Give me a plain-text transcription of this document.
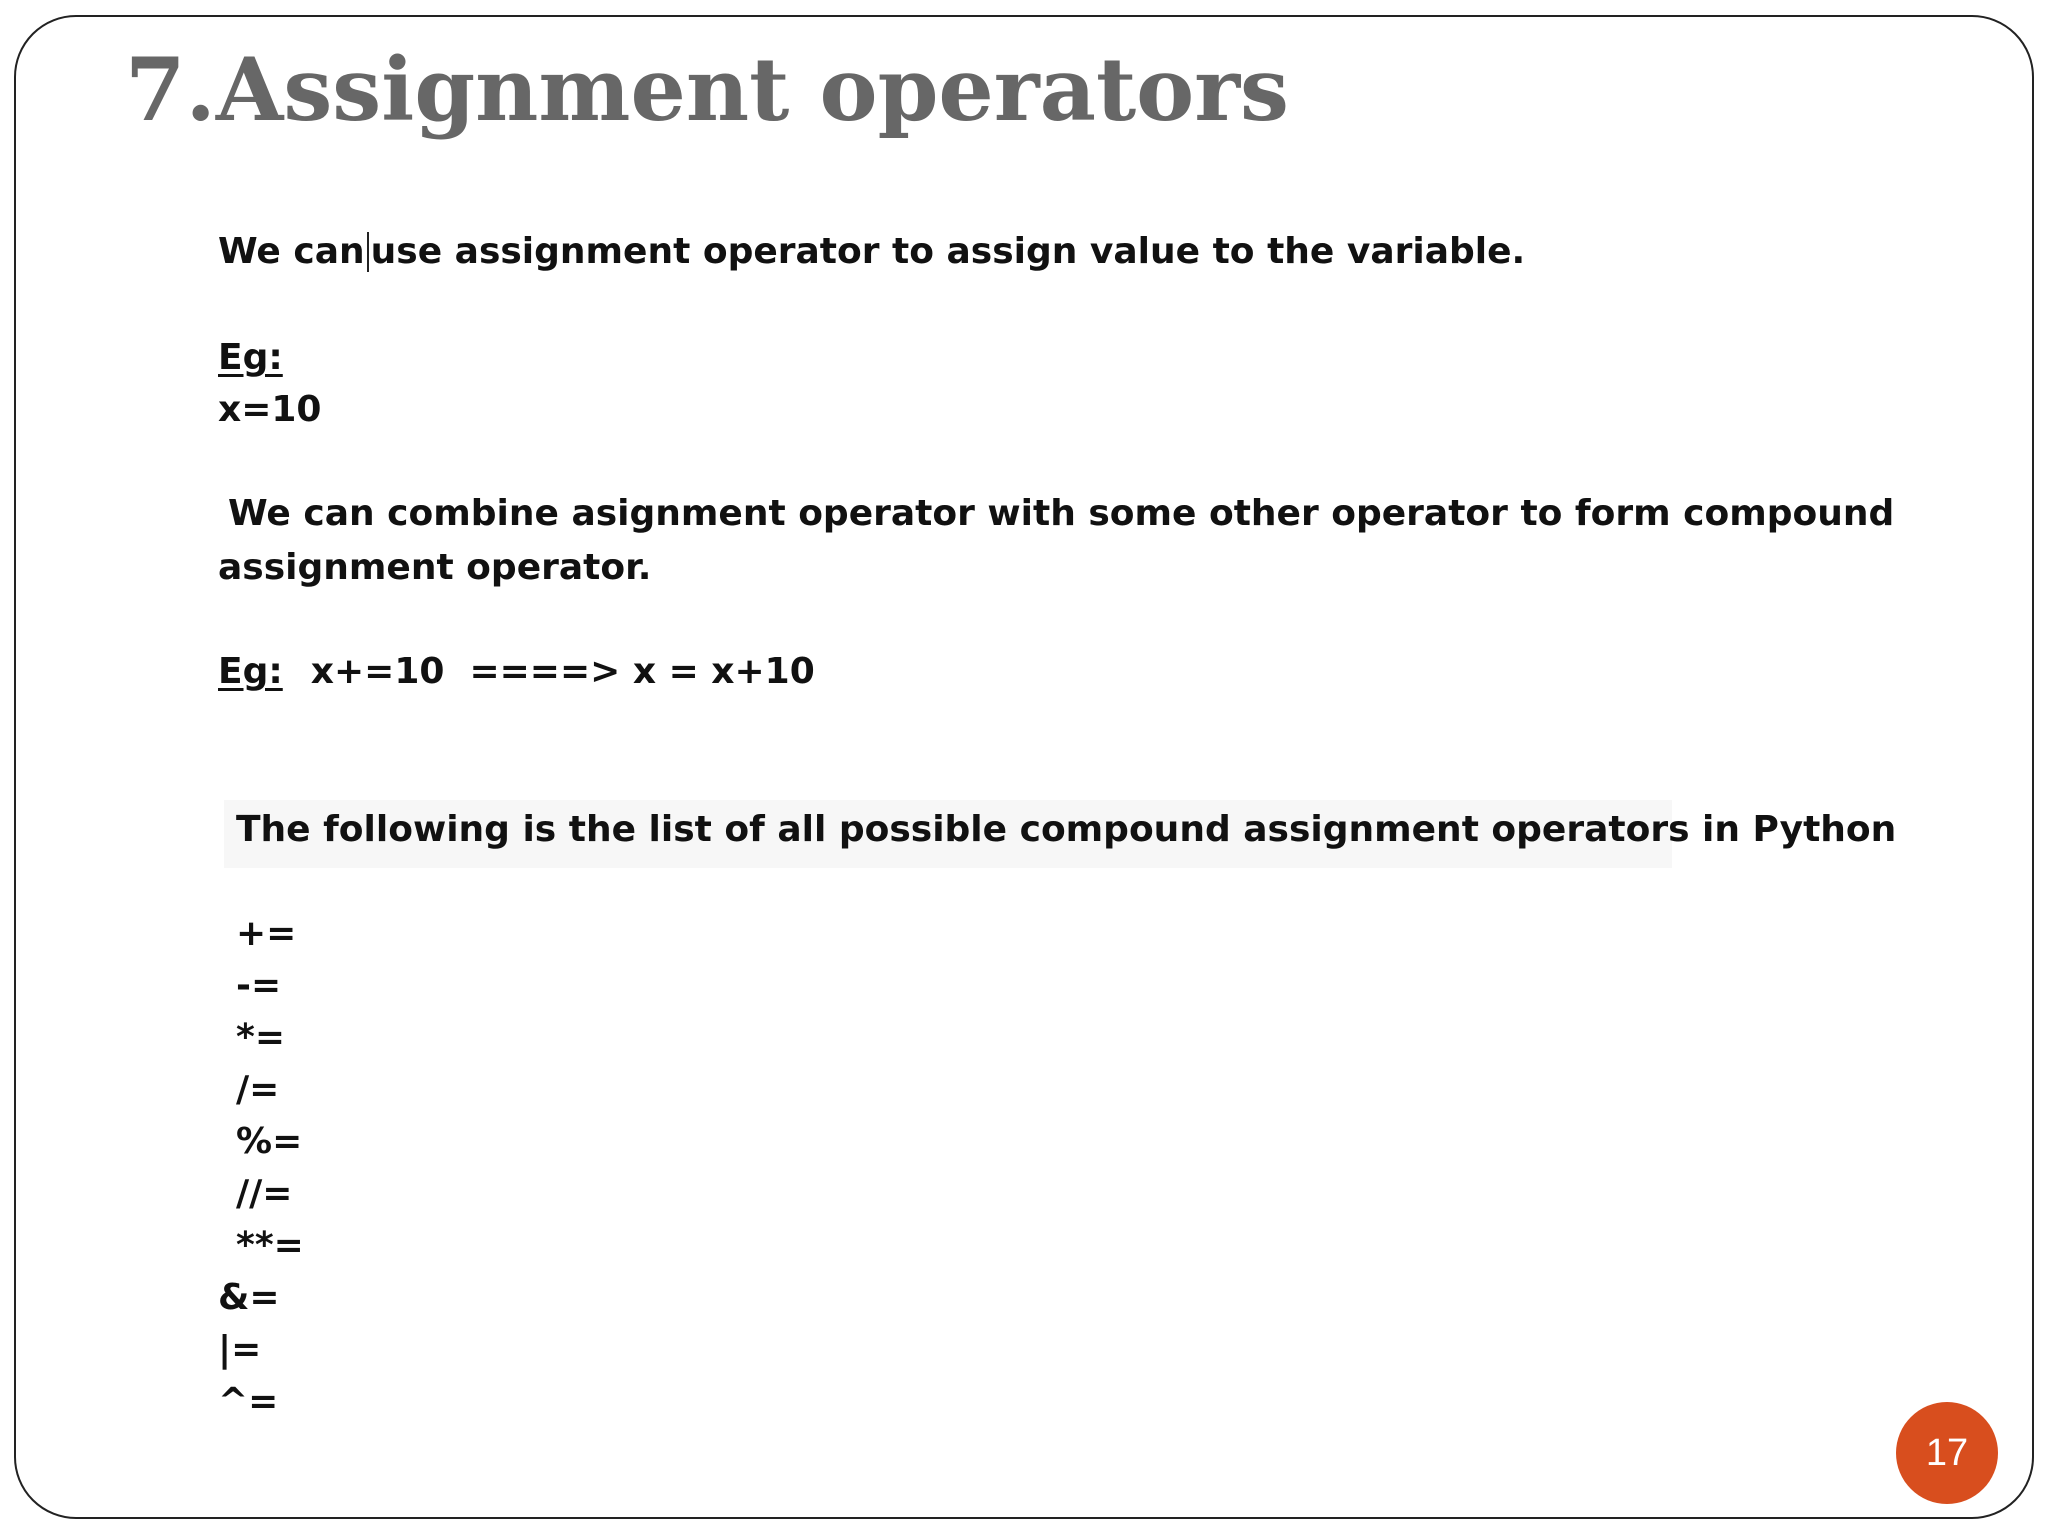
7.Assignment operators

We can use assignment operator to assign value to the variable.

Eg:

x=10

We can combine asignment operator with some other operator to form compound

assignment operator.

Eg: x+=10  ====> x = x+10

The following is the list of all possible compound assignment operators in Python

+=

-=

*=

/=

%=

//=

**=

&=

|=

^=

17
